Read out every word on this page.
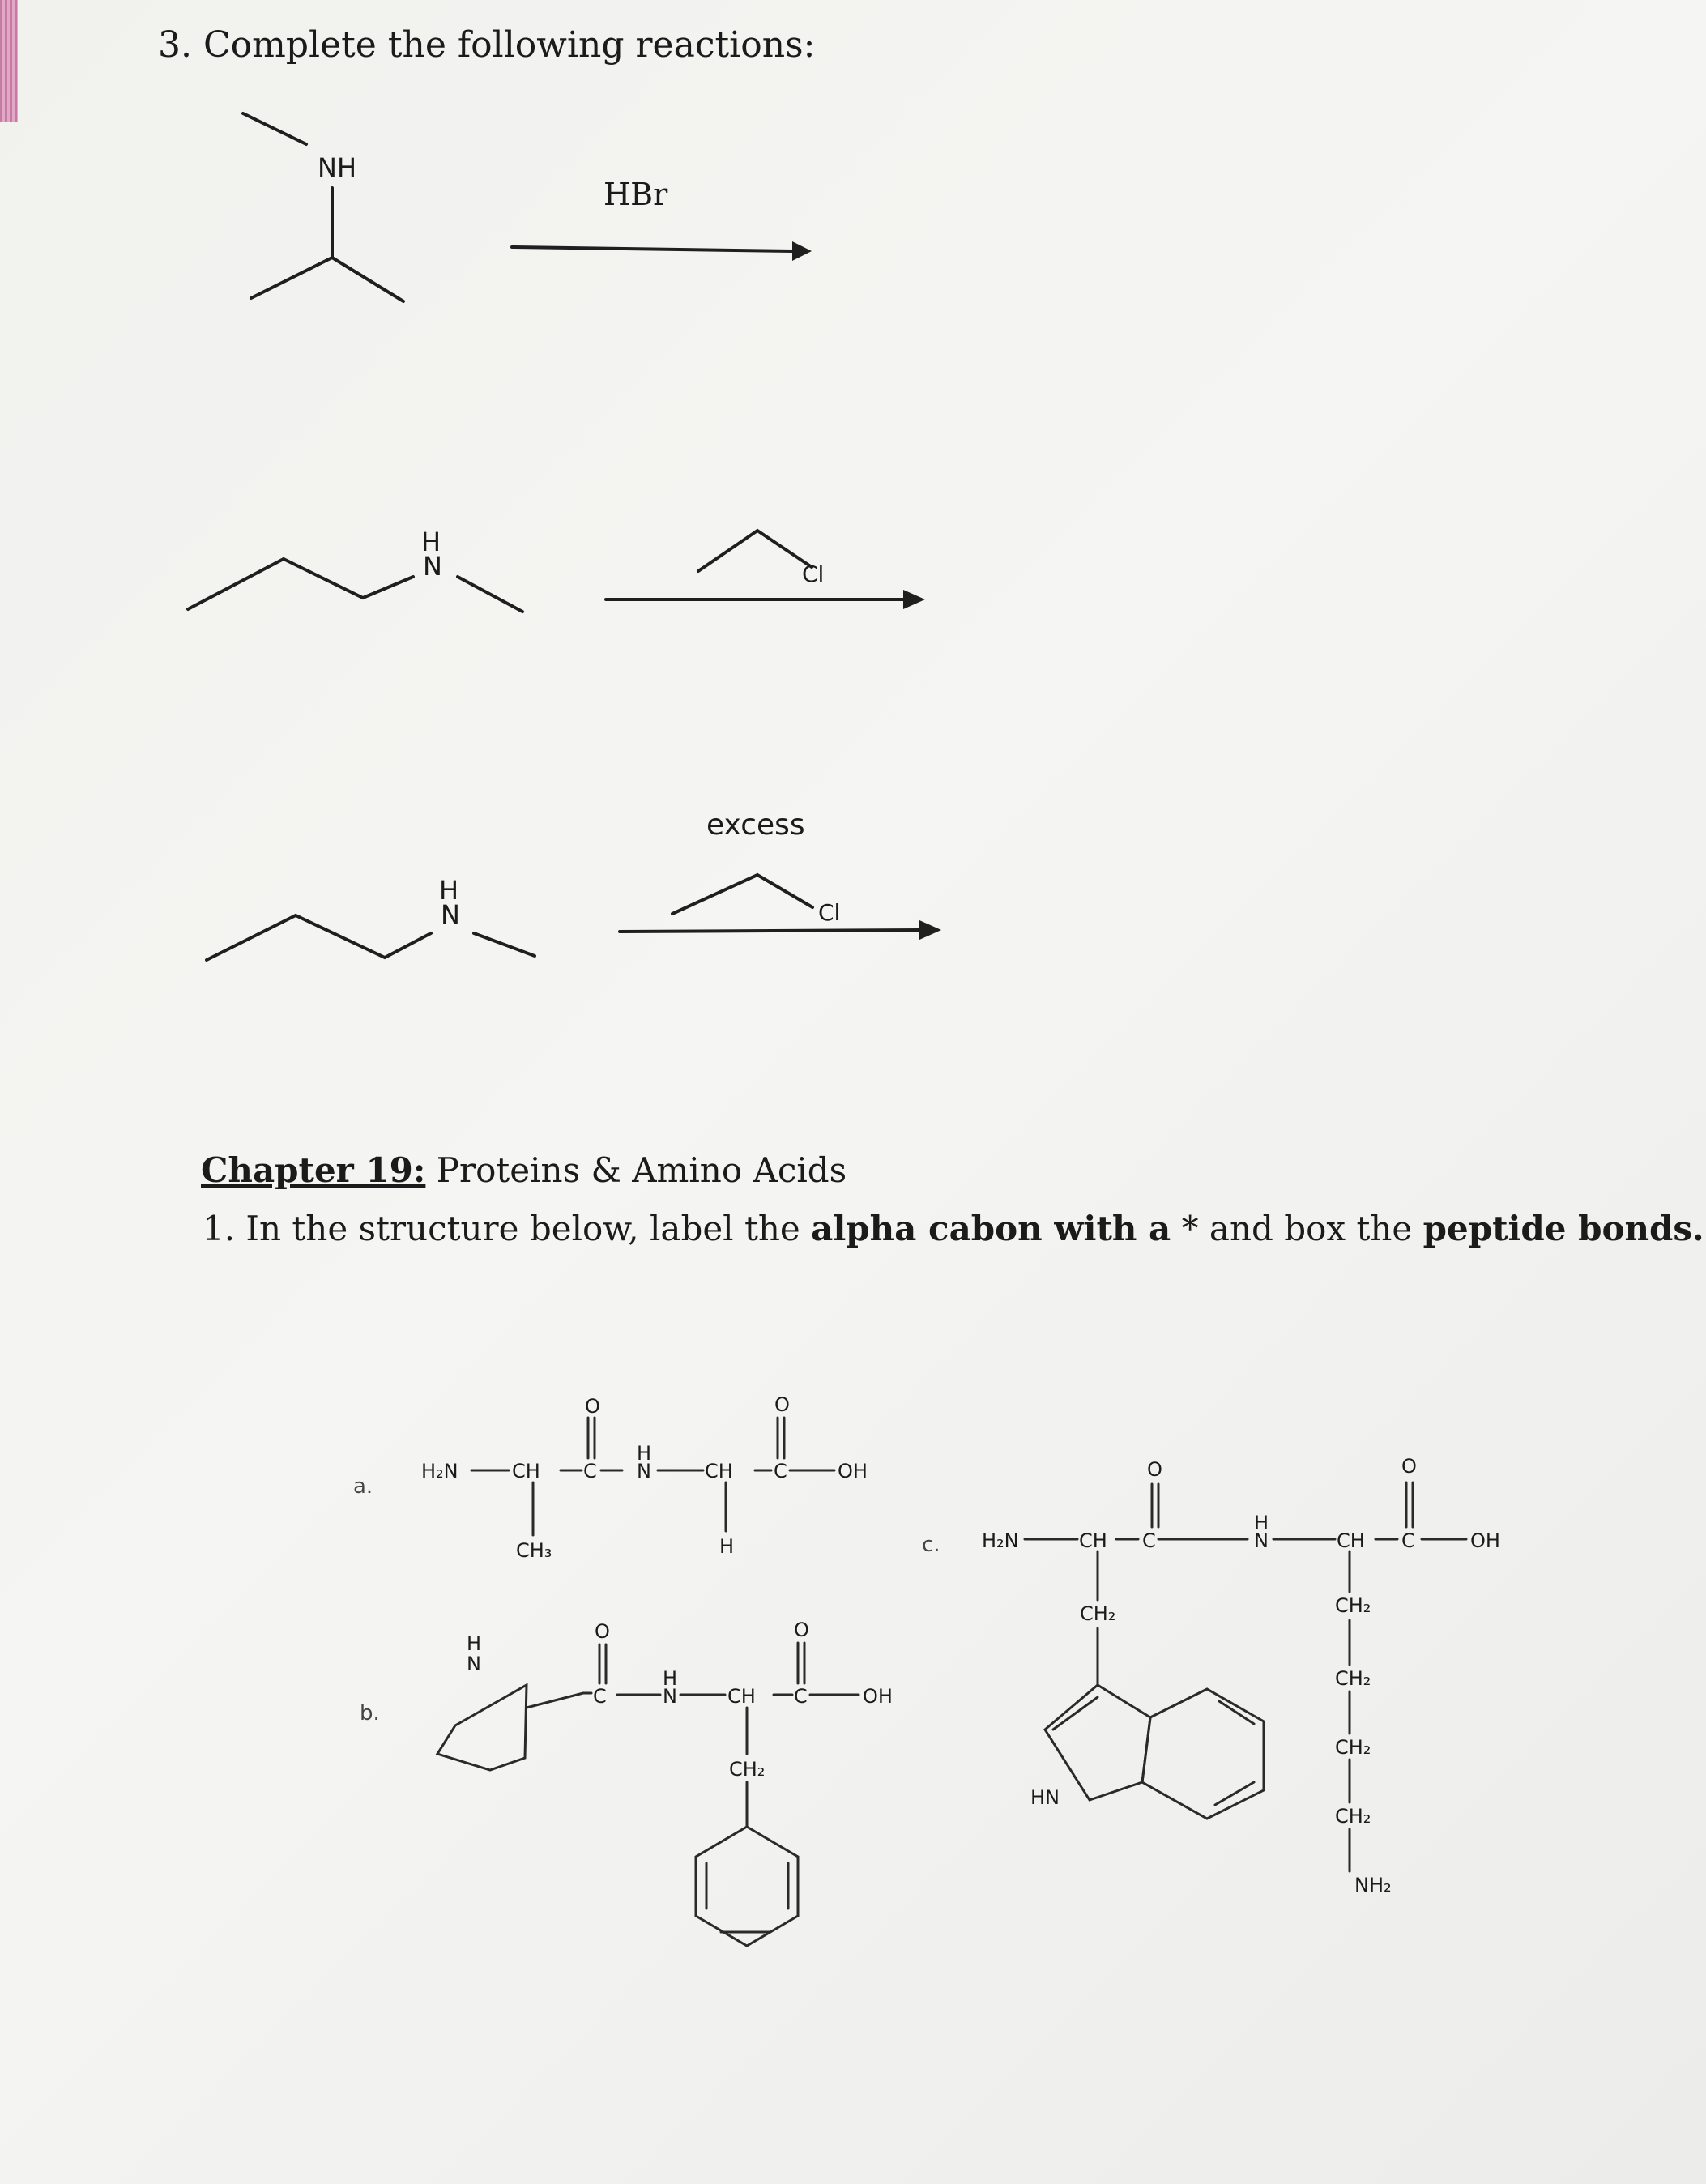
3. Complete the following reactions:
NH
HBr
H
N	Cl
excess
H
N	Cl
Chapter 19: Proteins & Amino Acids
1. In the structure below, label the alpha cabon with a * and box the peptide bonds.
a.
H₂N	CH C
O
H
N	CH C
O
OH
CH₃	H
b.
H
N
C
O
H
N	CH C
O
OH
CH₂
c. H₂N	CH C
O
H
N	CH C
O
OH
CH₂
HN
CH₂
CH₂
CH₂
CH₂
NH₂
